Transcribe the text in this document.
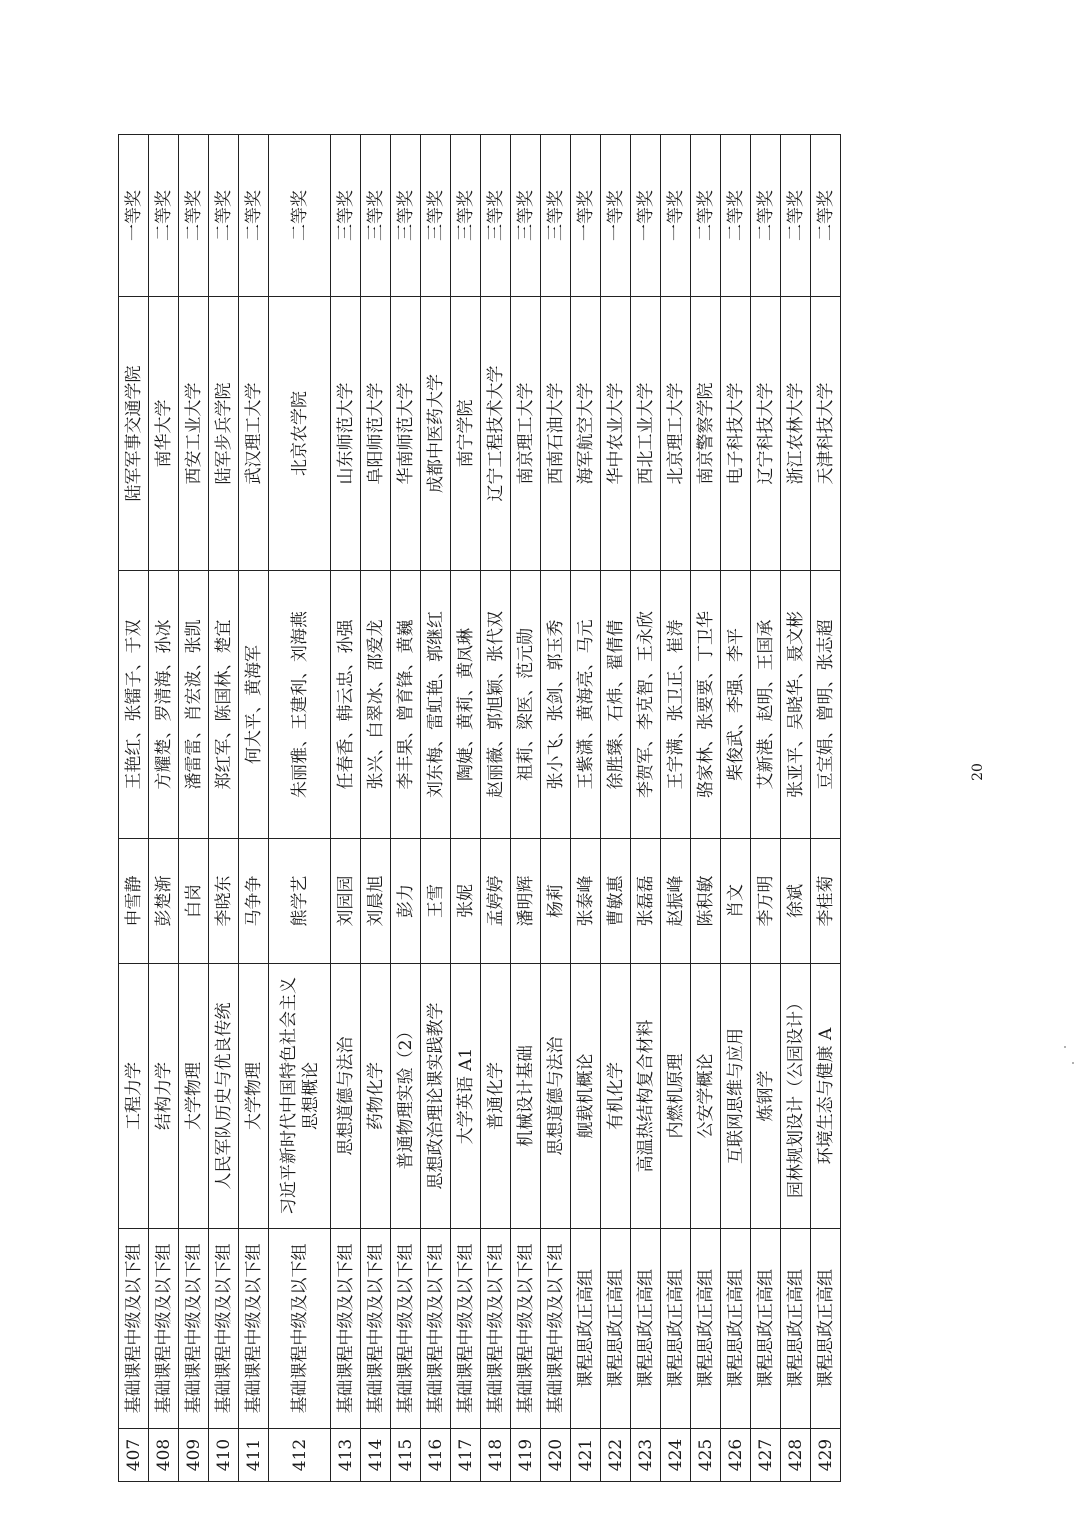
407	基础课程中级及以下组	工程力学	申雪静	王艳红、张镭子、于双	陆军军事交通学院	一等奖
408	基础课程中级及以下组	结构力学	彭楚渐	方耀楚、罗清海、孙冰	南华大学	二等奖
409	基础课程中级及以下组	大学物理	白岗	潘雷雷、肖宏波、张凯	西安工业大学	二等奖
410	基础课程中级及以下组	人民军队历史与优良传统	李晓东	郑红军、陈国林、楚宜	陆军步兵学院	二等奖
411	基础课程中级及以下组	大学物理	马争争	何大平、黄海军	武汉理工大学	二等奖
412	基础课程中级及以下组	习近平新时代中国特色社会主义思想概论	熊学艺	朱丽雅、王建利、刘海燕	北京农学院	二等奖
413	基础课程中级及以下组	思想道德与法治	刘园园	任春香、韩云忠、孙强	山东师范大学	三等奖
414	基础课程中级及以下组	药物化学	刘晨旭	张兴、白翠冰、邵爱龙	阜阳师范大学	三等奖
415	基础课程中级及以下组	普通物理实验（2）	彭力	李丰果、曾育锋、黄巍	华南师范大学	三等奖
416	基础课程中级及以下组	思想政治理论课实践教学	王雪	刘东梅、雷虹艳、郭继红	成都中医药大学	三等奖
417	基础课程中级及以下组	大学英语 A1	张妮	陶婕、黄莉、黄凤琳	南宁学院	三等奖
418	基础课程中级及以下组	普通化学	孟婷婷	赵丽薇、郭旭颖、张代双	辽宁工程技术大学	三等奖
419	基础课程中级及以下组	机械设计基础	潘明辉	祖莉、梁医、范元勋	南京理工大学	三等奖
420	基础课程中级及以下组	思想道德与法治	杨莉	张小飞、张剑、郭玉秀	西南石油大学	三等奖
421	课程思政正高组	舰载机概论	张泰峰	王紫潇、黄海亮、马元	海军航空大学	一等奖
422	课程思政正高组	有机化学	曹敏惠	徐胜臻、石炜、翟倩倩	华中农业大学	一等奖
423	课程思政正高组	高温热结构复合材料	张磊磊	李贺军、李克智、王永欣	西北工业大学	一等奖
424	课程思政正高组	内燃机原理	赵振峰	王宇满、张卫正、崔涛	北京理工大学	一等奖
425	课程思政正高组	公安学概论	陈积敏	骆家林、张要要、丁卫华	南京警察学院	二等奖
426	课程思政正高组	互联网思维与应用	肖文	柴俊武、李强、李平	电子科技大学	二等奖
427	课程思政正高组	炼钢学	李万明	艾新港、赵明、王国承	辽宁科技大学	二等奖
428	课程思政正高组	园林规划设计（公园设计）	徐斌	张亚平、吴晓华、聂文彬	浙江农林大学	二等奖
429	课程思政正高组	环境生态与健康 A	李桂菊	豆宝娟、曾明、张志超	天津科技大学	二等奖
20
